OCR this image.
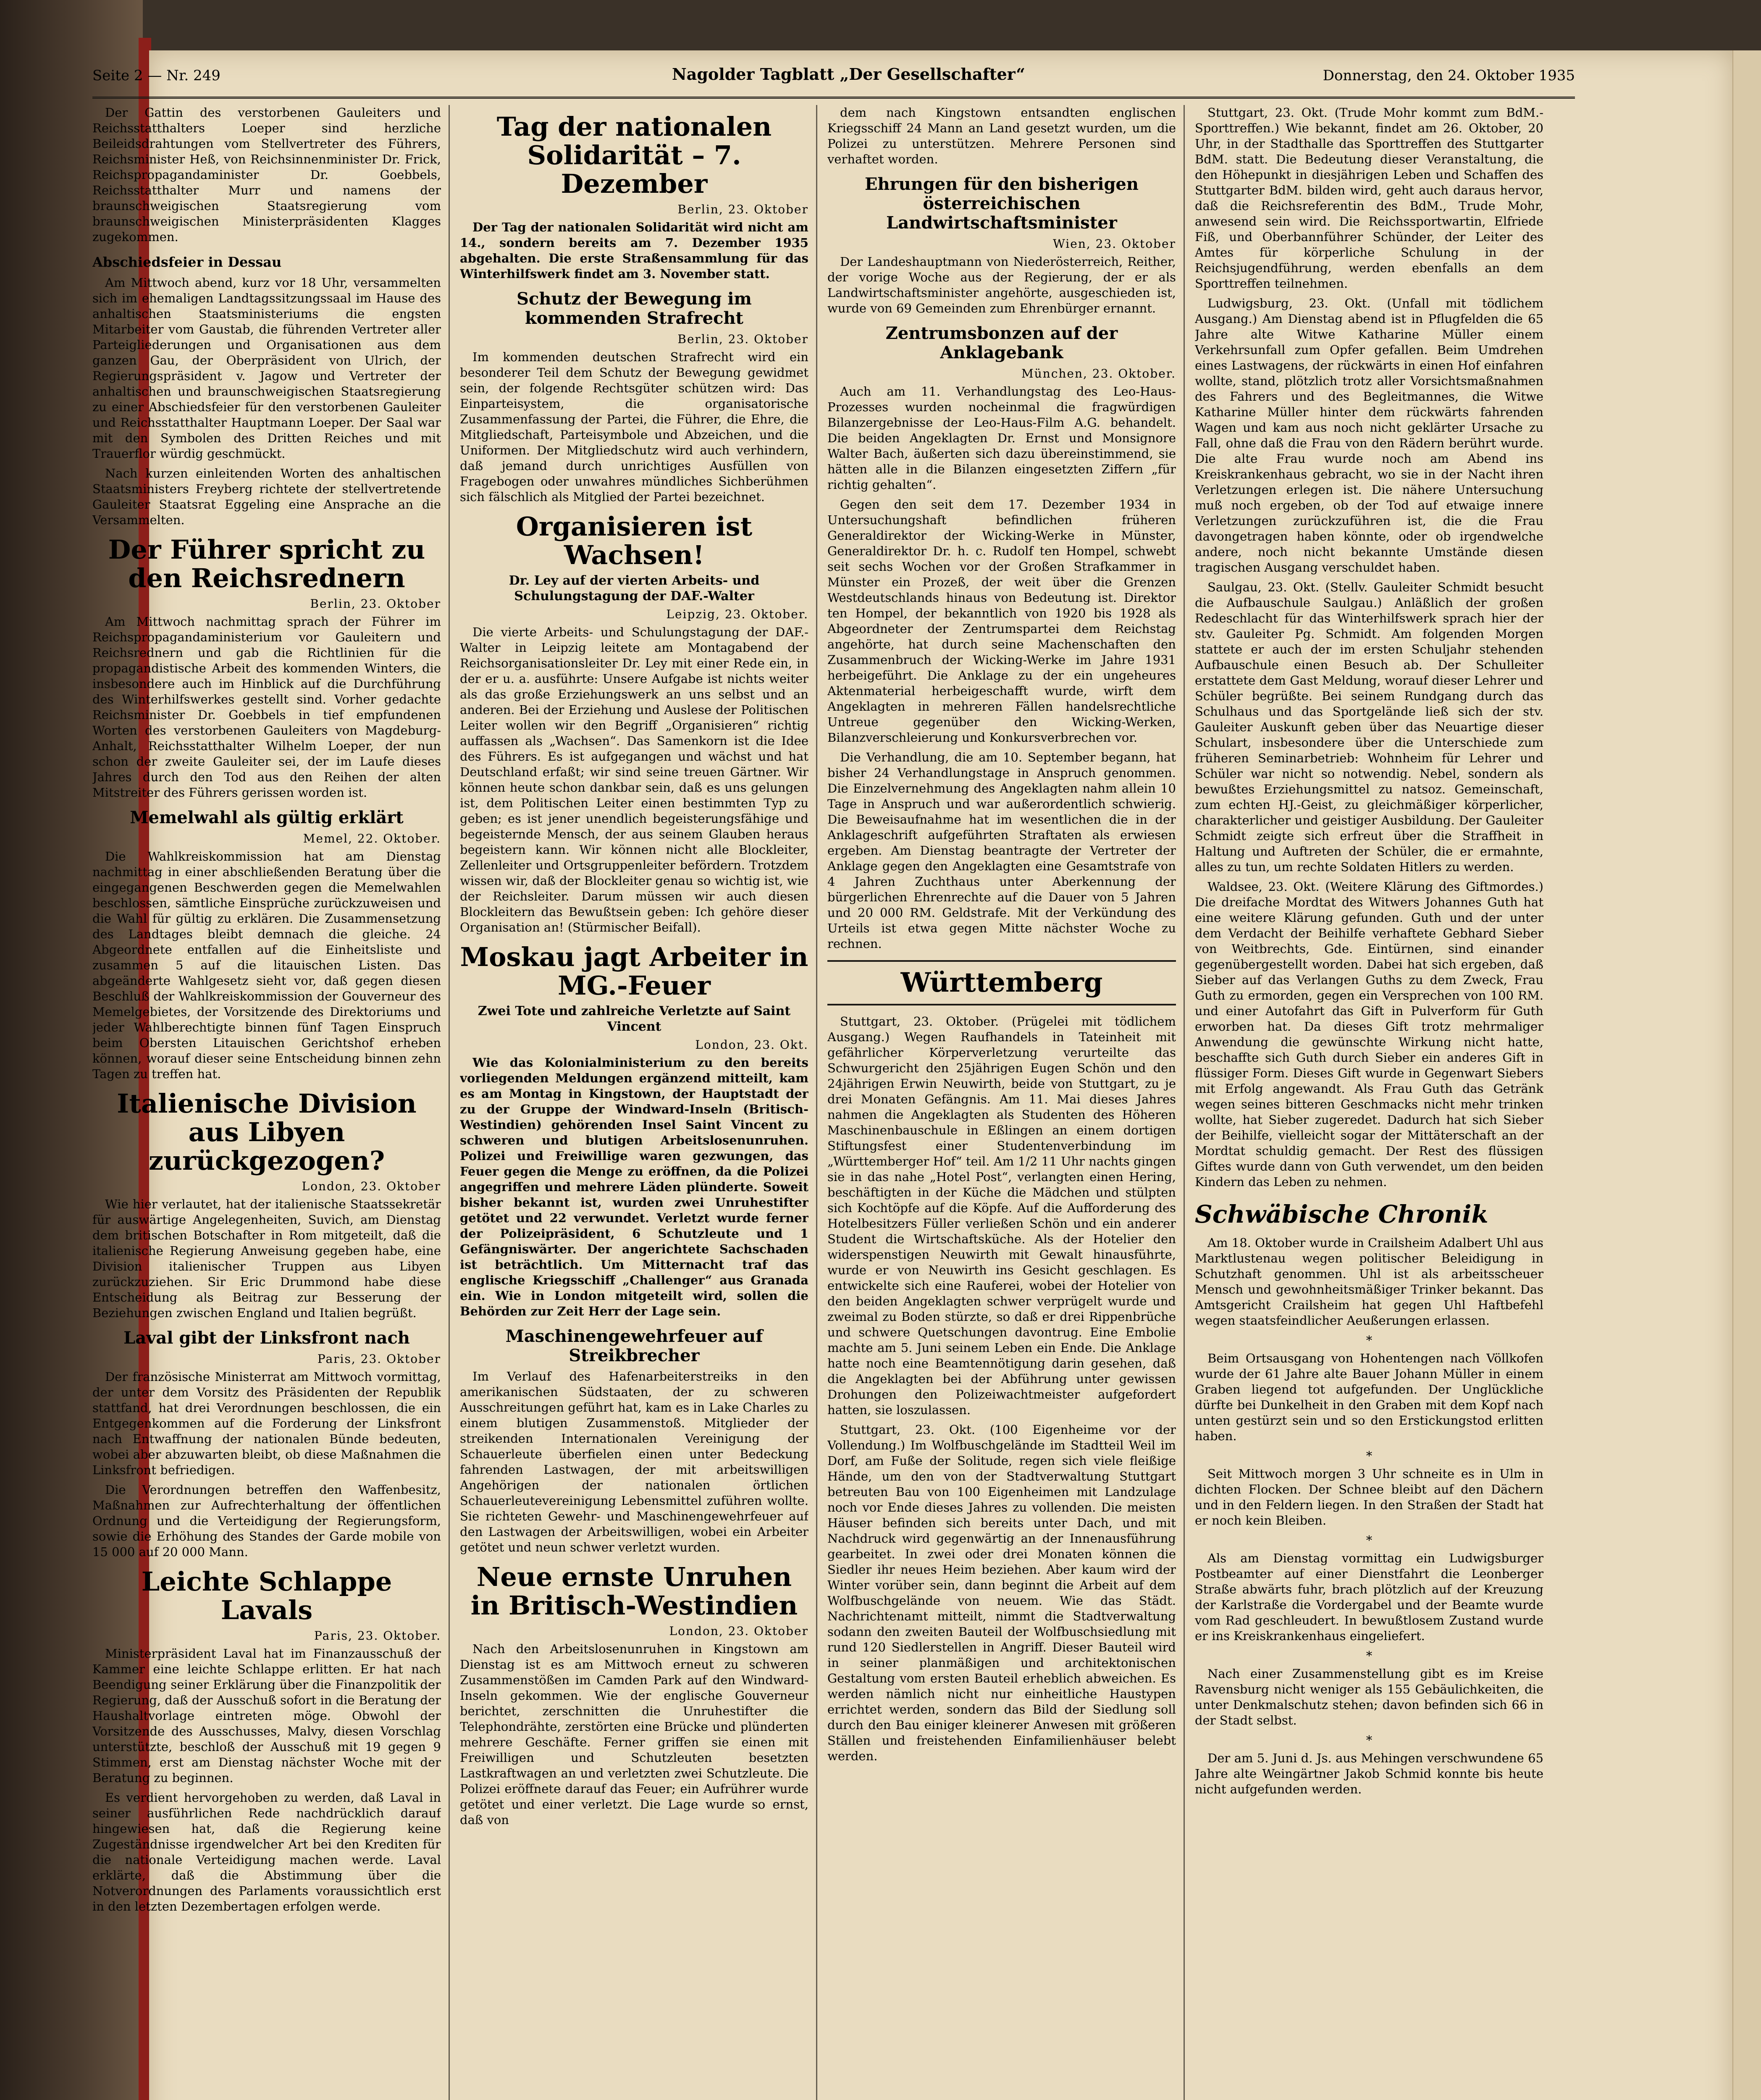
Seite 2 — Nr. 249	Nagolder Tagblatt „Der Gesellschafter“	Donnerstag, den 24. Oktober 1935

Der Gattin des verstorbenen Gauleiters und Reichsstatthalters Loeper sind herzliche Beileidsdrahtungen vom Stellvertreter des Führers, Reichsminister Heß, von Reichsinnenminister Dr. Frick, Reichspropagandaminister Dr. Goebbels, Reichsstatthalter Murr und namens der braunschweigischen Staatsregierung vom braunschweigischen Ministerpräsidenten Klagges zugekommen.

Abschiedsfeier in Dessau

Am Mittwoch abend, kurz vor 18 Uhr, versammelten sich im ehemaligen Landtagssitzungssaal im Hause des anhaltischen Staatsministeriums die engsten Mitarbeiter vom Gaustab, die führenden Vertreter aller Parteigliederungen und Organisationen aus dem ganzen Gau, der Oberpräsident von Ulrich, der Regierungspräsident v. Jagow und Vertreter der anhaltischen und braunschweigischen Staatsregierung zu einer Abschiedsfeier für den verstorbenen Gauleiter und Reichsstatthalter Hauptmann Loeper. Der Saal war mit den Symbolen des Dritten Reiches und mit Trauerflor würdig geschmückt.

Nach kurzen einleitenden Worten des anhaltischen Staatsministers Freyberg richtete der stellvertretende Gauleiter Staatsrat Eggeling eine Ansprache an die Versammelten.

Der Führer spricht zu den Reichsrednern
Berlin, 23. Oktober

Am Mittwoch nachmittag sprach der Führer im Reichspropagandaministerium vor Gauleitern und Reichsrednern und gab die Richtlinien für die propagandistische Arbeit des kommenden Winters, die insbesondere auch im Hinblick auf die Durchführung des Winterhilfswerkes gestellt sind. Vorher gedachte Reichsminister Dr. Goebbels in tief empfundenen Worten des verstorbenen Gauleiters von Magdeburg-Anhalt, Reichsstatthalter Wilhelm Loeper, der nun schon der zweite Gauleiter sei, der im Laufe dieses Jahres durch den Tod aus den Reihen der alten Mitstreiter des Führers gerissen worden ist.

Memelwahl als gültig erklärt
Memel, 22. Oktober.

Die Wahlkreiskommission hat am Dienstag nachmittag in einer abschließenden Beratung über die eingegangenen Beschwerden gegen die Memelwahlen beschlossen, sämtliche Einsprüche zurückzuweisen und die Wahl für gültig zu erklären. Die Zusammensetzung des Landtages bleibt demnach die gleiche. 24 Abgeordnete entfallen auf die Einheitsliste und zusammen 5 auf die litauischen Listen. Das abgeänderte Wahlgesetz sieht vor, daß gegen diesen Beschluß der Wahlkreiskommission der Gouverneur des Memelgebietes, der Vorsitzende des Direktoriums und jeder Wahlberechtigte binnen fünf Tagen Einspruch beim Obersten Litauischen Gerichtshof erheben können, worauf dieser seine Entscheidung binnen zehn Tagen zu treffen hat.

Italienische Division aus Libyen zurückgezogen?
London, 23. Oktober

Wie hier verlautet, hat der italienische Staatssekretär für auswärtige Angelegenheiten, Suvich, am Dienstag dem britischen Botschafter in Rom mitgeteilt, daß die italienische Regierung Anweisung gegeben habe, eine Division italienischer Truppen aus Libyen zurückzuziehen. Sir Eric Drummond habe diese Entscheidung als Beitrag zur Besserung der Beziehungen zwischen England und Italien begrüßt.

Laval gibt der Linksfront nach
Paris, 23. Oktober

Der französische Ministerrat am Mittwoch vormittag, der unter dem Vorsitz des Präsidenten der Republik stattfand, hat drei Verordnungen beschlossen, die ein Entgegenkommen auf die Forderung der Linksfront nach Entwaffnung der nationalen Bünde bedeuten, wobei aber abzuwarten bleibt, ob diese Maßnahmen die Linksfront befriedigen.

Die Verordnungen betreffen den Waffenbesitz, Maßnahmen zur Aufrechterhaltung der öffentlichen Ordnung und die Verteidigung der Regierungsform, sowie die Erhöhung des Standes der Garde mobile von 15 000 auf 20 000 Mann.

Leichte Schlappe Lavals
Paris, 23. Oktober.

Ministerpräsident Laval hat im Finanzausschuß der Kammer eine leichte Schlappe erlitten. Er hat nach Beendigung seiner Erklärung über die Finanzpolitik der Regierung, daß der Ausschuß sofort in die Beratung der Haushaltvorlage eintreten möge. Obwohl der Vorsitzende des Ausschusses, Malvy, diesen Vorschlag unterstützte, beschloß der Ausschuß mit 19 gegen 9 Stimmen, erst am Dienstag nächster Woche mit der Beratung zu beginnen.

Es verdient hervorgehoben zu werden, daß Laval in seiner ausführlichen Rede nachdrücklich darauf hingewiesen hat, daß die Regierung keine Zugeständnisse irgendwelcher Art bei den Krediten für die nationale Verteidigung machen werde. Laval erklärte, daß die Abstimmung über die Notverordnungen des Parlaments voraussichtlich erst in den letzten Dezembertagen erfolgen werde.

Tag der nationalen Solidarität – 7. Dezember
Berlin, 23. Oktober

Der Tag der nationalen Solidarität wird nicht am 14., sondern bereits am 7. Dezember 1935 abgehalten. Die erste Straßensammlung für das Winterhilfswerk findet am 3. November statt.

Schutz der Bewegung im kommenden Strafrecht
Berlin, 23. Oktober

Im kommenden deutschen Strafrecht wird ein besonderer Teil dem Schutz der Bewegung gewidmet sein, der folgende Rechtsgüter schützen wird: Das Einparteisystem, die organisatorische Zusammenfassung der Partei, die Führer, die Ehre, die Mitgliedschaft, Parteisymbole und Abzeichen, und die Uniformen. Der Mitgliedschutz wird auch verhindern, daß jemand durch unrichtiges Ausfüllen von Fragebogen oder unwahres mündliches Sichberühmen sich fälschlich als Mitglied der Partei bezeichnet.

Organisieren ist Wachsen!
Dr. Ley auf der vierten Arbeits- und Schulungstagung der DAF.-Walter
Leipzig, 23. Oktober.

Die vierte Arbeits- und Schulungstagung der DAF.-Walter in Leipzig leitete am Montagabend der Reichsorganisationsleiter Dr. Ley mit einer Rede ein, in der er u. a. ausführte: Unsere Aufgabe ist nichts weiter als das große Erziehungswerk an uns selbst und an anderen. Bei der Erziehung und Auslese der Politischen Leiter wollen wir den Begriff „Organisieren“ richtig auffassen als „Wachsen“. Das Samenkorn ist die Idee des Führers. Es ist aufgegangen und wächst und hat Deutschland erfaßt; wir sind seine treuen Gärtner. Wir können heute schon dankbar sein, daß es uns gelungen ist, dem Politischen Leiter einen bestimmten Typ zu geben; es ist jener unendlich begeisterungsfähige und begeisternde Mensch, der aus seinem Glauben heraus begeistern kann. Wir können nicht alle Blockleiter, Zellenleiter und Ortsgruppenleiter befördern. Trotzdem wissen wir, daß der Blockleiter genau so wichtig ist, wie der Reichsleiter. Darum müssen wir auch diesen Blockleitern das Bewußtsein geben: Ich gehöre dieser Organisation an! (Stürmischer Beifall).

Moskau jagt Arbeiter in MG.-Feuer
Zwei Tote und zahlreiche Verletzte auf Saint Vincent
London, 23. Okt.

Wie das Kolonialministerium zu den bereits vorliegenden Meldungen ergänzend mitteilt, kam es am Montag in Kingstown, der Hauptstadt der zu der Gruppe der Windward-Inseln (Britisch-Westindien) gehörenden Insel Saint Vincent zu schweren und blutigen Arbeitslosenunruhen. Polizei und Freiwillige waren gezwungen, das Feuer gegen die Menge zu eröffnen, da die Polizei angegriffen und mehrere Läden plünderte. Soweit bisher bekannt ist, wurden zwei Unruhestifter getötet und 22 verwundet. Verletzt wurde ferner der Polizeipräsident, 6 Schutzleute und 1 Gefängniswärter. Der angerichtete Sachschaden ist beträchtlich. Um Mitternacht traf das englische Kriegsschiff „Challenger“ aus Granada ein. Wie in London mitgeteilt wird, sollen die Behörden zur Zeit Herr der Lage sein.

Maschinengewehrfeuer auf Streikbrecher

Im Verlauf des Hafenarbeiterstreiks in den amerikanischen Südstaaten, der zu schweren Ausschreitungen geführt hat, kam es in Lake Charles zu einem blutigen Zusammenstoß. Mitglieder der streikenden Internationalen Vereinigung der Schauerleute überfielen einen unter Bedeckung fahrenden Lastwagen, der mit arbeitswilligen Angehörigen der nationalen örtlichen Schauerleutevereinigung Lebensmittel zuführen wollte. Sie richteten Gewehr- und Maschinengewehrfeuer auf den Lastwagen der Arbeitswilligen, wobei ein Arbeiter getötet und neun schwer verletzt wurden.

Neue ernste Unruhen in Britisch-Westindien
London, 23. Oktober

Nach den Arbeitslosenunruhen in Kingstown am Dienstag ist es am Mittwoch erneut zu schweren Zusammenstößen im Camden Park auf den Windward-Inseln gekommen. Wie der englische Gouverneur berichtet, zerschnitten die Unruhestifter die Telephondrähte, zerstörten eine Brücke und plünderten mehrere Geschäfte. Ferner griffen sie einen mit Freiwilligen und Schutzleuten besetzten Lastkraftwagen an und verletzten zwei Schutzleute. Die Polizei eröffnete darauf das Feuer; ein Aufrührer wurde getötet und einer verletzt. Die Lage wurde so ernst, daß von

dem nach Kingstown entsandten englischen Kriegsschiff 24 Mann an Land gesetzt wurden, um die Polizei zu unterstützen. Mehrere Personen sind verhaftet worden.

Ehrungen für den bisherigen österreichischen Landwirtschaftsminister
Wien, 23. Oktober

Der Landeshauptmann von Niederösterreich, Reither, der vorige Woche aus der Regierung, der er als Landwirtschaftsminister angehörte, ausgeschieden ist, wurde von 69 Gemeinden zum Ehrenbürger ernannt.

Zentrumsbonzen auf der Anklagebank
München, 23. Oktober.

Auch am 11. Verhandlungstag des Leo-Haus-Prozesses wurden nocheinmal die fragwürdigen Bilanzergebnisse der Leo-Haus-Film A.G. behandelt. Die beiden Angeklagten Dr. Ernst und Monsignore Walter Bach, äußerten sich dazu übereinstimmend, sie hätten alle in die Bilanzen eingesetzten Ziffern „für richtig gehalten“.

Gegen den seit dem 17. Dezember 1934 in Untersuchungshaft befindlichen früheren Generaldirektor der Wicking-Werke in Münster, Generaldirektor Dr. h. c. Rudolf ten Hompel, schwebt seit sechs Wochen vor der Großen Strafkammer in Münster ein Prozeß, der weit über die Grenzen Westdeutschlands hinaus von Bedeutung ist. Direktor ten Hompel, der bekanntlich von 1920 bis 1928 als Abgeordneter der Zentrumspartei dem Reichstag angehörte, hat durch seine Machenschaften den Zusammenbruch der Wicking-Werke im Jahre 1931 herbeigeführt. Die Anklage zu der ein ungeheures Aktenmaterial herbeigeschafft wurde, wirft dem Angeklagten in mehreren Fällen handelsrechtliche Untreue gegenüber den Wicking-Werken, Bilanzverschleierung und Konkursverbrechen vor.

Die Verhandlung, die am 10. September begann, hat bisher 24 Verhandlungstage in Anspruch genommen. Die Einzelvernehmung des Angeklagten nahm allein 10 Tage in Anspruch und war außerordentlich schwierig. Die Beweisaufnahme hat im wesentlichen die in der Anklageschrift aufgeführten Straftaten als erwiesen ergeben. Am Dienstag beantragte der Vertreter der Anklage gegen den Angeklagten eine Gesamtstrafe von 4 Jahren Zuchthaus unter Aberkennung der bürgerlichen Ehrenrechte auf die Dauer von 5 Jahren und 20 000 RM. Geldstrafe. Mit der Verkündung des Urteils ist etwa gegen Mitte nächster Woche zu rechnen.

Württemberg

Stuttgart, 23. Oktober. (Prügelei mit tödlichem Ausgang.) Wegen Raufhandels in Tateinheit mit gefährlicher Körperverletzung verurteilte das Schwurgericht den 25jährigen Eugen Schön und den 24jährigen Erwin Neuwirth, beide von Stuttgart, zu je drei Monaten Gefängnis. Am 11. Mai dieses Jahres nahmen die Angeklagten als Studenten des Höheren Maschinenbauschule in Eßlingen an einem dortigen Stiftungsfest einer Studentenverbindung im „Württemberger Hof“ teil. Am 1/2 11 Uhr nachts gingen sie in das nahe „Hotel Post“, verlangten einen Hering, beschäftigten in der Küche die Mädchen und stülpten sich Kochtöpfe auf die Köpfe. Auf die Aufforderung des Hotelbesitzers Füller verließen Schön und ein anderer Student die Wirtschaftsküche. Als der Hotelier den widerspenstigen Neuwirth mit Gewalt hinausführte, wurde er von Neuwirth ins Gesicht geschlagen. Es entwickelte sich eine Rauferei, wobei der Hotelier von den beiden Angeklagten schwer verprügelt wurde und zweimal zu Boden stürzte, so daß er drei Rippenbrüche und schwere Quetschungen davontrug. Eine Embolie machte am 5. Juni seinem Leben ein Ende. Die Anklage hatte noch eine Beamtennötigung darin gesehen, daß die Angeklagten bei der Abführung unter gewissen Drohungen den Polizeiwachtmeister aufgefordert hatten, sie loszulassen.

Stuttgart, 23. Okt. (100 Eigenheime vor der Vollendung.) Im Wolfbuschgelände im Stadtteil Weil im Dorf, am Fuße der Solitude, regen sich viele fleißige Hände, um den von der Stadtverwaltung Stuttgart betreuten Bau von 100 Eigenheimen mit Landzulage noch vor Ende dieses Jahres zu vollenden. Die meisten Häuser befinden sich bereits unter Dach, und mit Nachdruck wird gegenwärtig an der Innenausführung gearbeitet. In zwei oder drei Monaten können die Siedler ihr neues Heim beziehen. Aber kaum wird der Winter vorüber sein, dann beginnt die Arbeit auf dem Wolfbuschgelände von neuem. Wie das Städt. Nachrichtenamt mitteilt, nimmt die Stadtverwaltung sodann den zweiten Bauteil der Wolfbuschsiedlung mit rund 120 Siedlerstellen in Angriff. Dieser Bauteil wird in seiner planmäßigen und architektonischen Gestaltung vom ersten Bauteil erheblich abweichen. Es werden nämlich nicht nur einheitliche Haustypen errichtet werden, sondern das Bild der Siedlung soll durch den Bau einiger kleinerer Anwesen mit größeren Ställen und freistehenden Einfamilienhäuser belebt werden.

Stuttgart, 23. Okt. (Trude Mohr kommt zum BdM.-Sporttreffen.) Wie bekannt, findet am 26. Oktober, 20 Uhr, in der Stadthalle das Sporttreffen des Stuttgarter BdM. statt. Die Bedeutung dieser Veranstaltung, die den Höhepunkt in diesjährigen Leben und Schaffen des Stuttgarter BdM. bilden wird, geht auch daraus hervor, daß die Reichsreferentin des BdM., Trude Mohr, anwesend sein wird. Die Reichssportwartin, Elfriede Fiß, und Oberbannführer Schünder, der Leiter des Amtes für körperliche Schulung in der Reichsjugendführung, werden ebenfalls an dem Sporttreffen teilnehmen.

Ludwigsburg, 23. Okt. (Unfall mit tödlichem Ausgang.) Am Dienstag abend ist in Pflugfelden die 65 Jahre alte Witwe Katharine Müller einem Verkehrsunfall zum Opfer gefallen. Beim Umdrehen eines Lastwagens, der rückwärts in einen Hof einfahren wollte, stand, plötzlich trotz aller Vorsichtsmaßnahmen des Fahrers und des Begleitmannes, die Witwe Katharine Müller hinter dem rückwärts fahrenden Wagen und kam aus noch nicht geklärter Ursache zu Fall, ohne daß die Frau von den Rädern berührt wurde. Die alte Frau wurde noch am Abend ins Kreiskrankenhaus gebracht, wo sie in der Nacht ihren Verletzungen erlegen ist. Die nähere Untersuchung muß noch ergeben, ob der Tod auf etwaige innere Verletzungen zurückzuführen ist, die die Frau davongetragen haben könnte, oder ob irgendwelche andere, noch nicht bekannte Umstände diesen tragischen Ausgang verschuldet haben.

Saulgau, 23. Okt. (Stellv. Gauleiter Schmidt besucht die Aufbauschule Saulgau.) Anläßlich der großen Redeschlacht für das Winterhilfswerk sprach hier der stv. Gauleiter Pg. Schmidt. Am folgenden Morgen stattete er auch der im ersten Schuljahr stehenden Aufbauschule einen Besuch ab. Der Schulleiter erstattete dem Gast Meldung, worauf dieser Lehrer und Schüler begrüßte. Bei seinem Rundgang durch das Schulhaus und das Sportgelände ließ sich der stv. Gauleiter Auskunft geben über das Neuartige dieser Schulart, insbesondere über die Unterschiede zum früheren Seminarbetrieb: Wohnheim für Lehrer und Schüler war nicht so notwendig. Nebel, sondern als bewußtes Erziehungsmittel zu natsoz. Gemeinschaft, zum echten HJ.-Geist, zu gleichmäßiger körperlicher, charakterlicher und geistiger Ausbildung. Der Gauleiter Schmidt zeigte sich erfreut über die Straffheit in Haltung und Auftreten der Schüler, die er ermahnte, alles zu tun, um rechte Soldaten Hitlers zu werden.

Waldsee, 23. Okt. (Weitere Klärung des Giftmordes.) Die dreifache Mordtat des Witwers Johannes Guth hat eine weitere Klärung gefunden. Guth und der unter dem Verdacht der Beihilfe verhaftete Gebhard Sieber von Weitbrechts, Gde. Eintürnen, sind einander gegenübergestellt worden. Dabei hat sich ergeben, daß Sieber auf das Verlangen Guths zu dem Zweck, Frau Guth zu ermorden, gegen ein Versprechen von 100 RM. und einer Autofahrt das Gift in Pulverform für Guth erworben hat. Da dieses Gift trotz mehrmaliger Anwendung die gewünschte Wirkung nicht hatte, beschaffte sich Guth durch Sieber ein anderes Gift in flüssiger Form. Dieses Gift wurde in Gegenwart Siebers mit Erfolg angewandt. Als Frau Guth das Getränk wegen seines bitteren Geschmacks nicht mehr trinken wollte, hat Sieber zugeredet. Dadurch hat sich Sieber der Beihilfe, vielleicht sogar der Mittäterschaft an der Mordtat schuldig gemacht. Der Rest des flüssigen Giftes wurde dann von Guth verwendet, um den beiden Kindern das Leben zu nehmen.

Schwäbische Chronik

Am 18. Oktober wurde in Crailsheim Adalbert Uhl aus Marktlustenau wegen politischer Beleidigung in Schutzhaft genommen. Uhl ist als arbeitsscheuer Mensch und gewohnheitsmäßiger Trinker bekannt. Das Amtsgericht Crailsheim hat gegen Uhl Haftbefehl wegen staatsfeindlicher Aeußerungen erlassen.

*

Beim Ortsausgang von Hohentengen nach Völlkofen wurde der 61 Jahre alte Bauer Johann Müller in einem Graben liegend tot aufgefunden. Der Unglückliche dürfte bei Dunkelheit in den Graben mit dem Kopf nach unten gestürzt sein und so den Erstickungstod erlitten haben.

*

Seit Mittwoch morgen 3 Uhr schneite es in Ulm in dichten Flocken. Der Schnee bleibt auf den Dächern und in den Feldern liegen. In den Straßen der Stadt hat er noch kein Bleiben.

*

Als am Dienstag vormittag ein Ludwigsburger Postbeamter auf einer Dienstfahrt die Leonberger Straße abwärts fuhr, brach plötzlich auf der Kreuzung der Karlstraße die Vordergabel und der Beamte wurde vom Rad geschleudert. In bewußtlosem Zustand wurde er ins Kreiskrankenhaus eingeliefert.

*

Nach einer Zusammenstellung gibt es im Kreise Ravensburg nicht weniger als 155 Gebäulichkeiten, die unter Denkmalschutz stehen; davon befinden sich 66 in der Stadt selbst.

*

Der am 5. Juni d. Js. aus Mehingen verschwundene 65 Jahre alte Weingärtner Jakob Schmid konnte bis heute nicht aufgefunden werden.
